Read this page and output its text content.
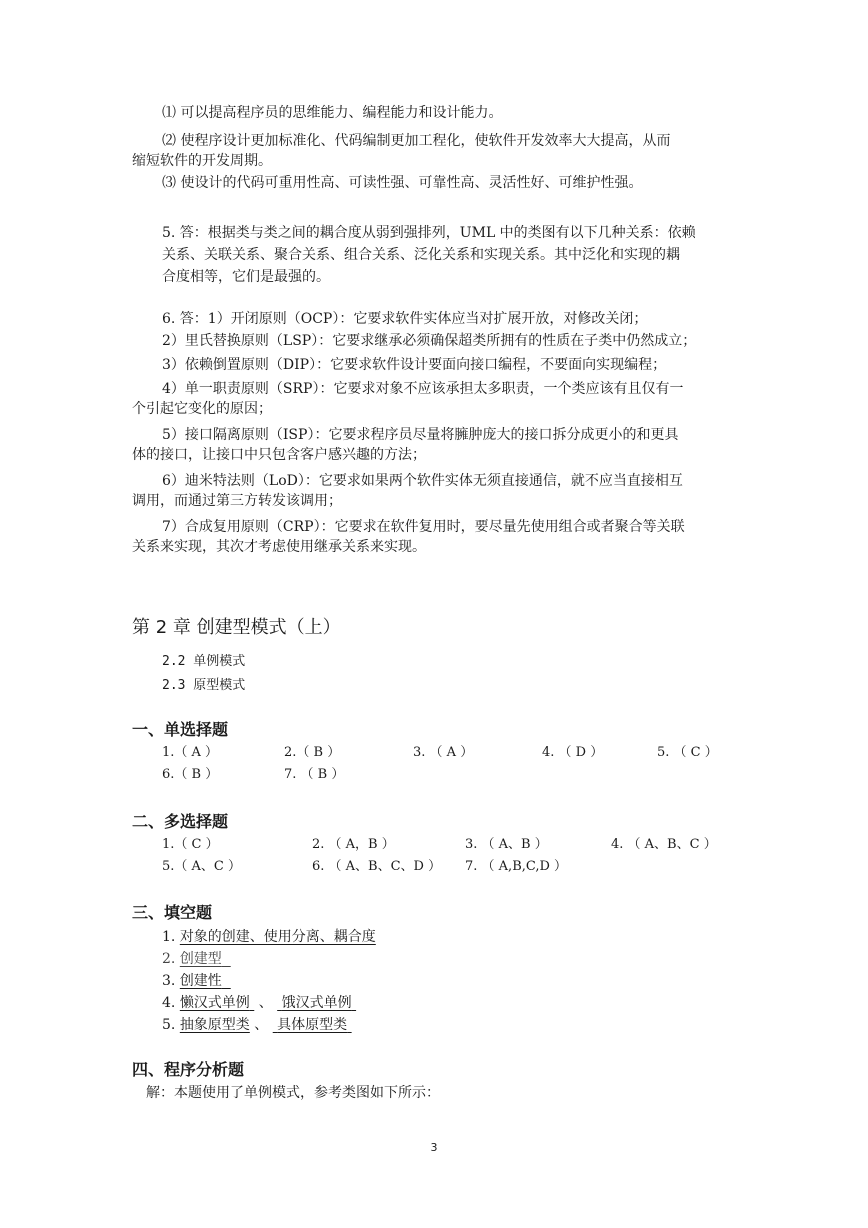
⑴ 可以提高程序员的思维能力、编程能力和设计能力。
⑵ 使程序设计更加标准化、代码编制更加工程化，使软件开发效率大大提高，从而
缩短软件的开发周期。
⑶ 使设计的代码可重用性高、可读性强、可靠性高、灵活性好、可维护性强。
5. 答：根据类与类之间的耦合度从弱到强排列，UML 中的类图有以下几种关系：依赖
关系、关联关系、聚合关系、组合关系、泛化关系和实现关系。其中泛化和实现的耦
合度相等，它们是最强的。
6. 答：1）开闭原则（OCP）：它要求软件实体应当对扩展开放，对修改关闭；
2）里氏替换原则（LSP）：它要求继承必须确保超类所拥有的性质在子类中仍然成立；
3）依赖倒置原则（DIP）：它要求软件设计要面向接口编程，不要面向实现编程；
4）单一职责原则（SRP）：它要求对象不应该承担太多职责，一个类应该有且仅有一
个引起它变化的原因；
5）接口隔离原则（ISP）：它要求程序员尽量将臃肿庞大的接口拆分成更小的和更具
体的接口，让接口中只包含客户感兴趣的方法；
6）迪米特法则（LoD）：它要求如果两个软件实体无须直接通信，就不应当直接相互
调用，而通过第三方转发该调用；
7）合成复用原则（CRP）：它要求在软件复用时，要尽量先使用组合或者聚合等关联
关系来实现，其次才考虑使用继承关系来实现。
第 2 章 创建型模式（上）
2.2 单例模式
2.3 原型模式
一、单选择题
1.（ A ）	2.（ B ）	3. （ A ）	4. （ D ）	5. （ C ）
6.（ B ）	7. （ B ）
二、多选择题
1.（ C ）	2. （ A，B ）	3. （ A、B ）	4. （ A、B、C ）
5.（ A、C ）	6. （ A、B、C、D ） 7. （ A,B,C,D ）
三、填空题
1. 对象的创建、使用分离、耦合度
2. 创建型
3. 创建性
4. 懒汉式单例 、 饿汉式单例
5. 抽象原型类 、 具体原型类
四、程序分析题
解：本题使用了单例模式，参考类图如下所示：
3
